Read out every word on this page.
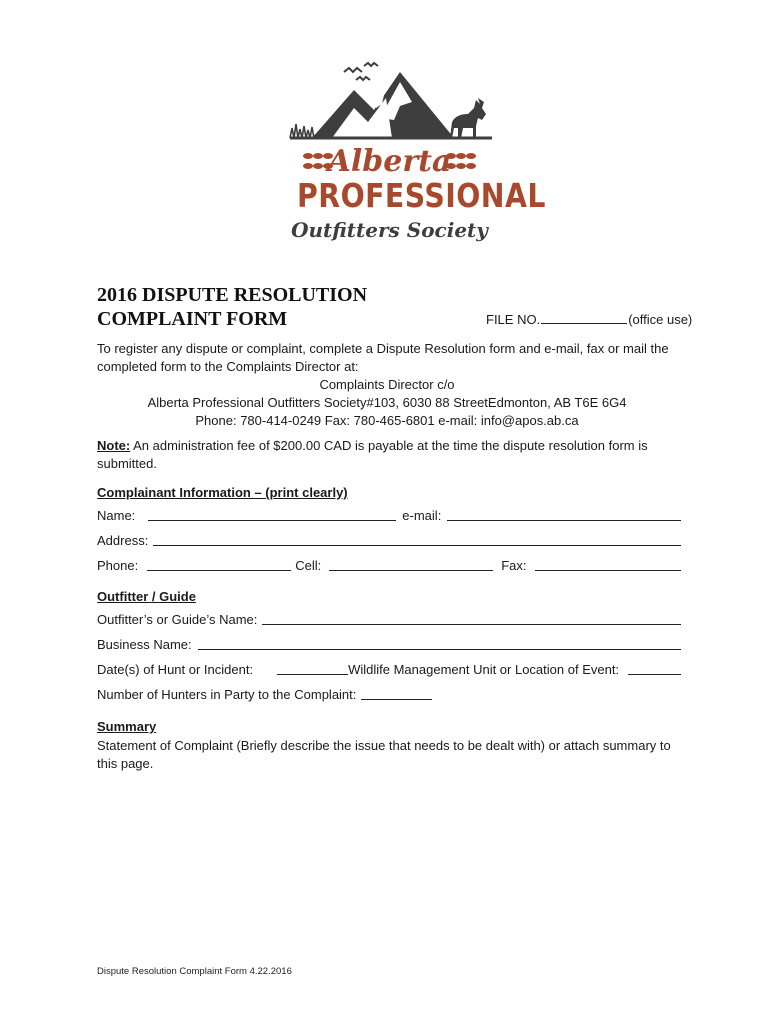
Alberta
PROFESSIONAL
Outfitters Society
2016 DISPUTE RESOLUTION
COMPLAINT FORM	FILE NO.	(office use)
To register any dispute or complaint, complete a Dispute Resolution form and e-mail, fax or mail the completed form to the Complaints Director at:
Complaints Director c/o
Alberta Professional Outfitters Society#103, 6030 88 StreetEdmonton, AB T6E 6G4
Phone: 780-414-0249 Fax: 780-465-6801 e-mail: info@apos.ab.ca
Note: An administration fee of $200.00 CAD is payable at the time the dispute resolution form is submitted.
Complainant Information – (print clearly)
Name:	e-mail:
Address:
Phone:	Cell:	Fax:
Outfitter / Guide
Outfitter’s or Guide’s Name:
Business Name:
Date(s) of Hunt or Incident:	Wildlife Management Unit or Location of Event:
Number of Hunters in Party to the Complaint:
Summary
Statement of Complaint (Briefly describe the issue that needs to be dealt with) or attach summary to this page.
Dispute Resolution Complaint Form 4.22.2016
